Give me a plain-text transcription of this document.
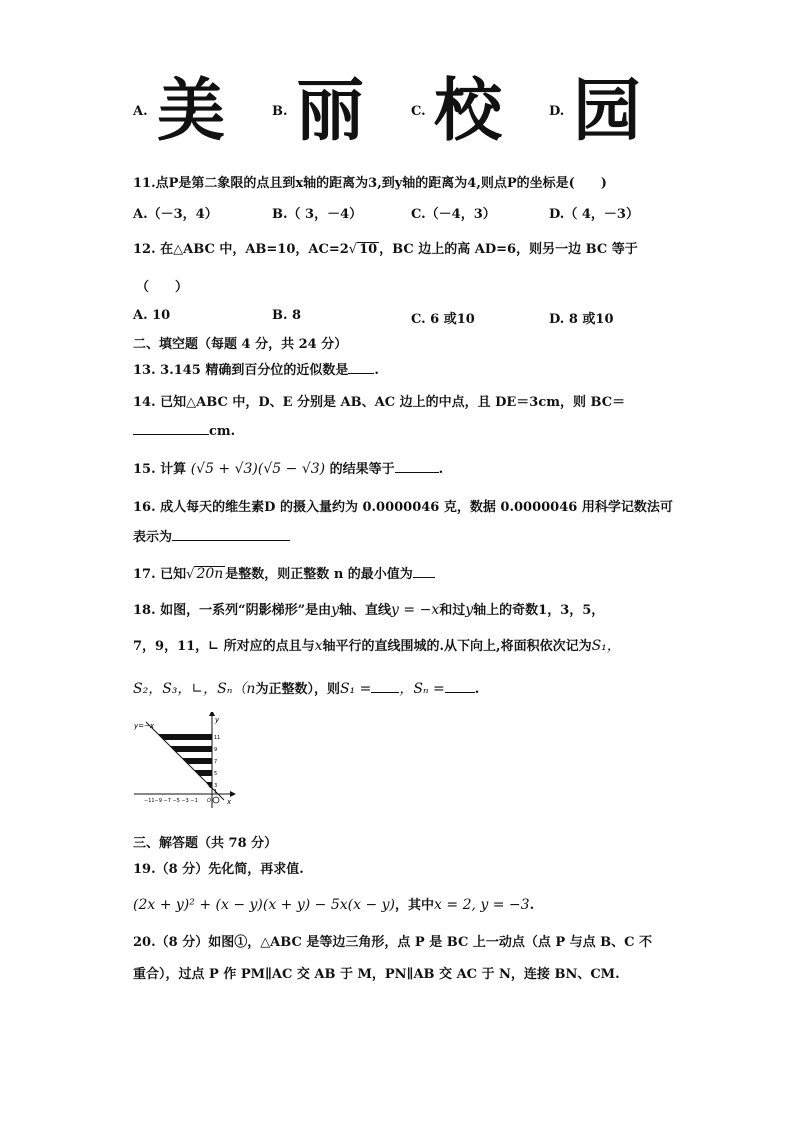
A. 美	B. 丽	C. 校	D. 园
11.点P是第二象限的点且到x轴的距离为3,到y轴的距离为4,则点P的坐标是(　　)
A.（－3，4）	B.（ 3，－4）	C.（－4，3）	D.（ 4，－3）
12. 在△ABC 中，AB=10，AC=2√ 10 ，BC 边上的高 AD=6，则另一边 BC 等于
（　　）
A. 10	B. 8	C. 6 或10	D. 8 或10
二、填空题（每题 4 分，共 24 分）
13. 3.145 精确到百分位的近似数是 .
14. 已知△ABC 中，D、E 分别是 AB、AC 边上的中点，且 DE＝3cm，则 BC＝
cm.
15. 计算 (√5 + √3)(√5 − √3) 的结果等于	.
16. 成人每天的维生素D 的摄入量约为 0.0000046 克，数据 0.0000046 用科学记数法可
表示为
17. 已知√ 20n 是整数，则正整数 n 的最小值为
18. 如图，一系列“阴影梯形”是由y轴、直线y = −x和过y轴上的奇数1，3，5，
7，9，11，∟ 所对应的点且与x轴平行的直线围城的.从下向上,将面积依次记为S₁，
S₂，S₃，∟，Sₙ（n为正整数），则S₁ = ，Sₙ = .
y=−x
y
x
11
9
7
5
3
1
−11−9 −7 −5 −3 −1 O
三、解答题（共 78 分）
19.（8 分）先化简，再求值.
(2x + y)² + (x − y)(x + y) − 5x(x − y)，其中x = 2, y = −3.
20.（8 分）如图①，△ABC 是等边三角形，点 P 是 BC 上一动点（点 P 与点 B、C 不
重合），过点 P 作 PM∥AC 交 AB 于 M，PN∥AB 交 AC 于 N，连接 BN、CM.
